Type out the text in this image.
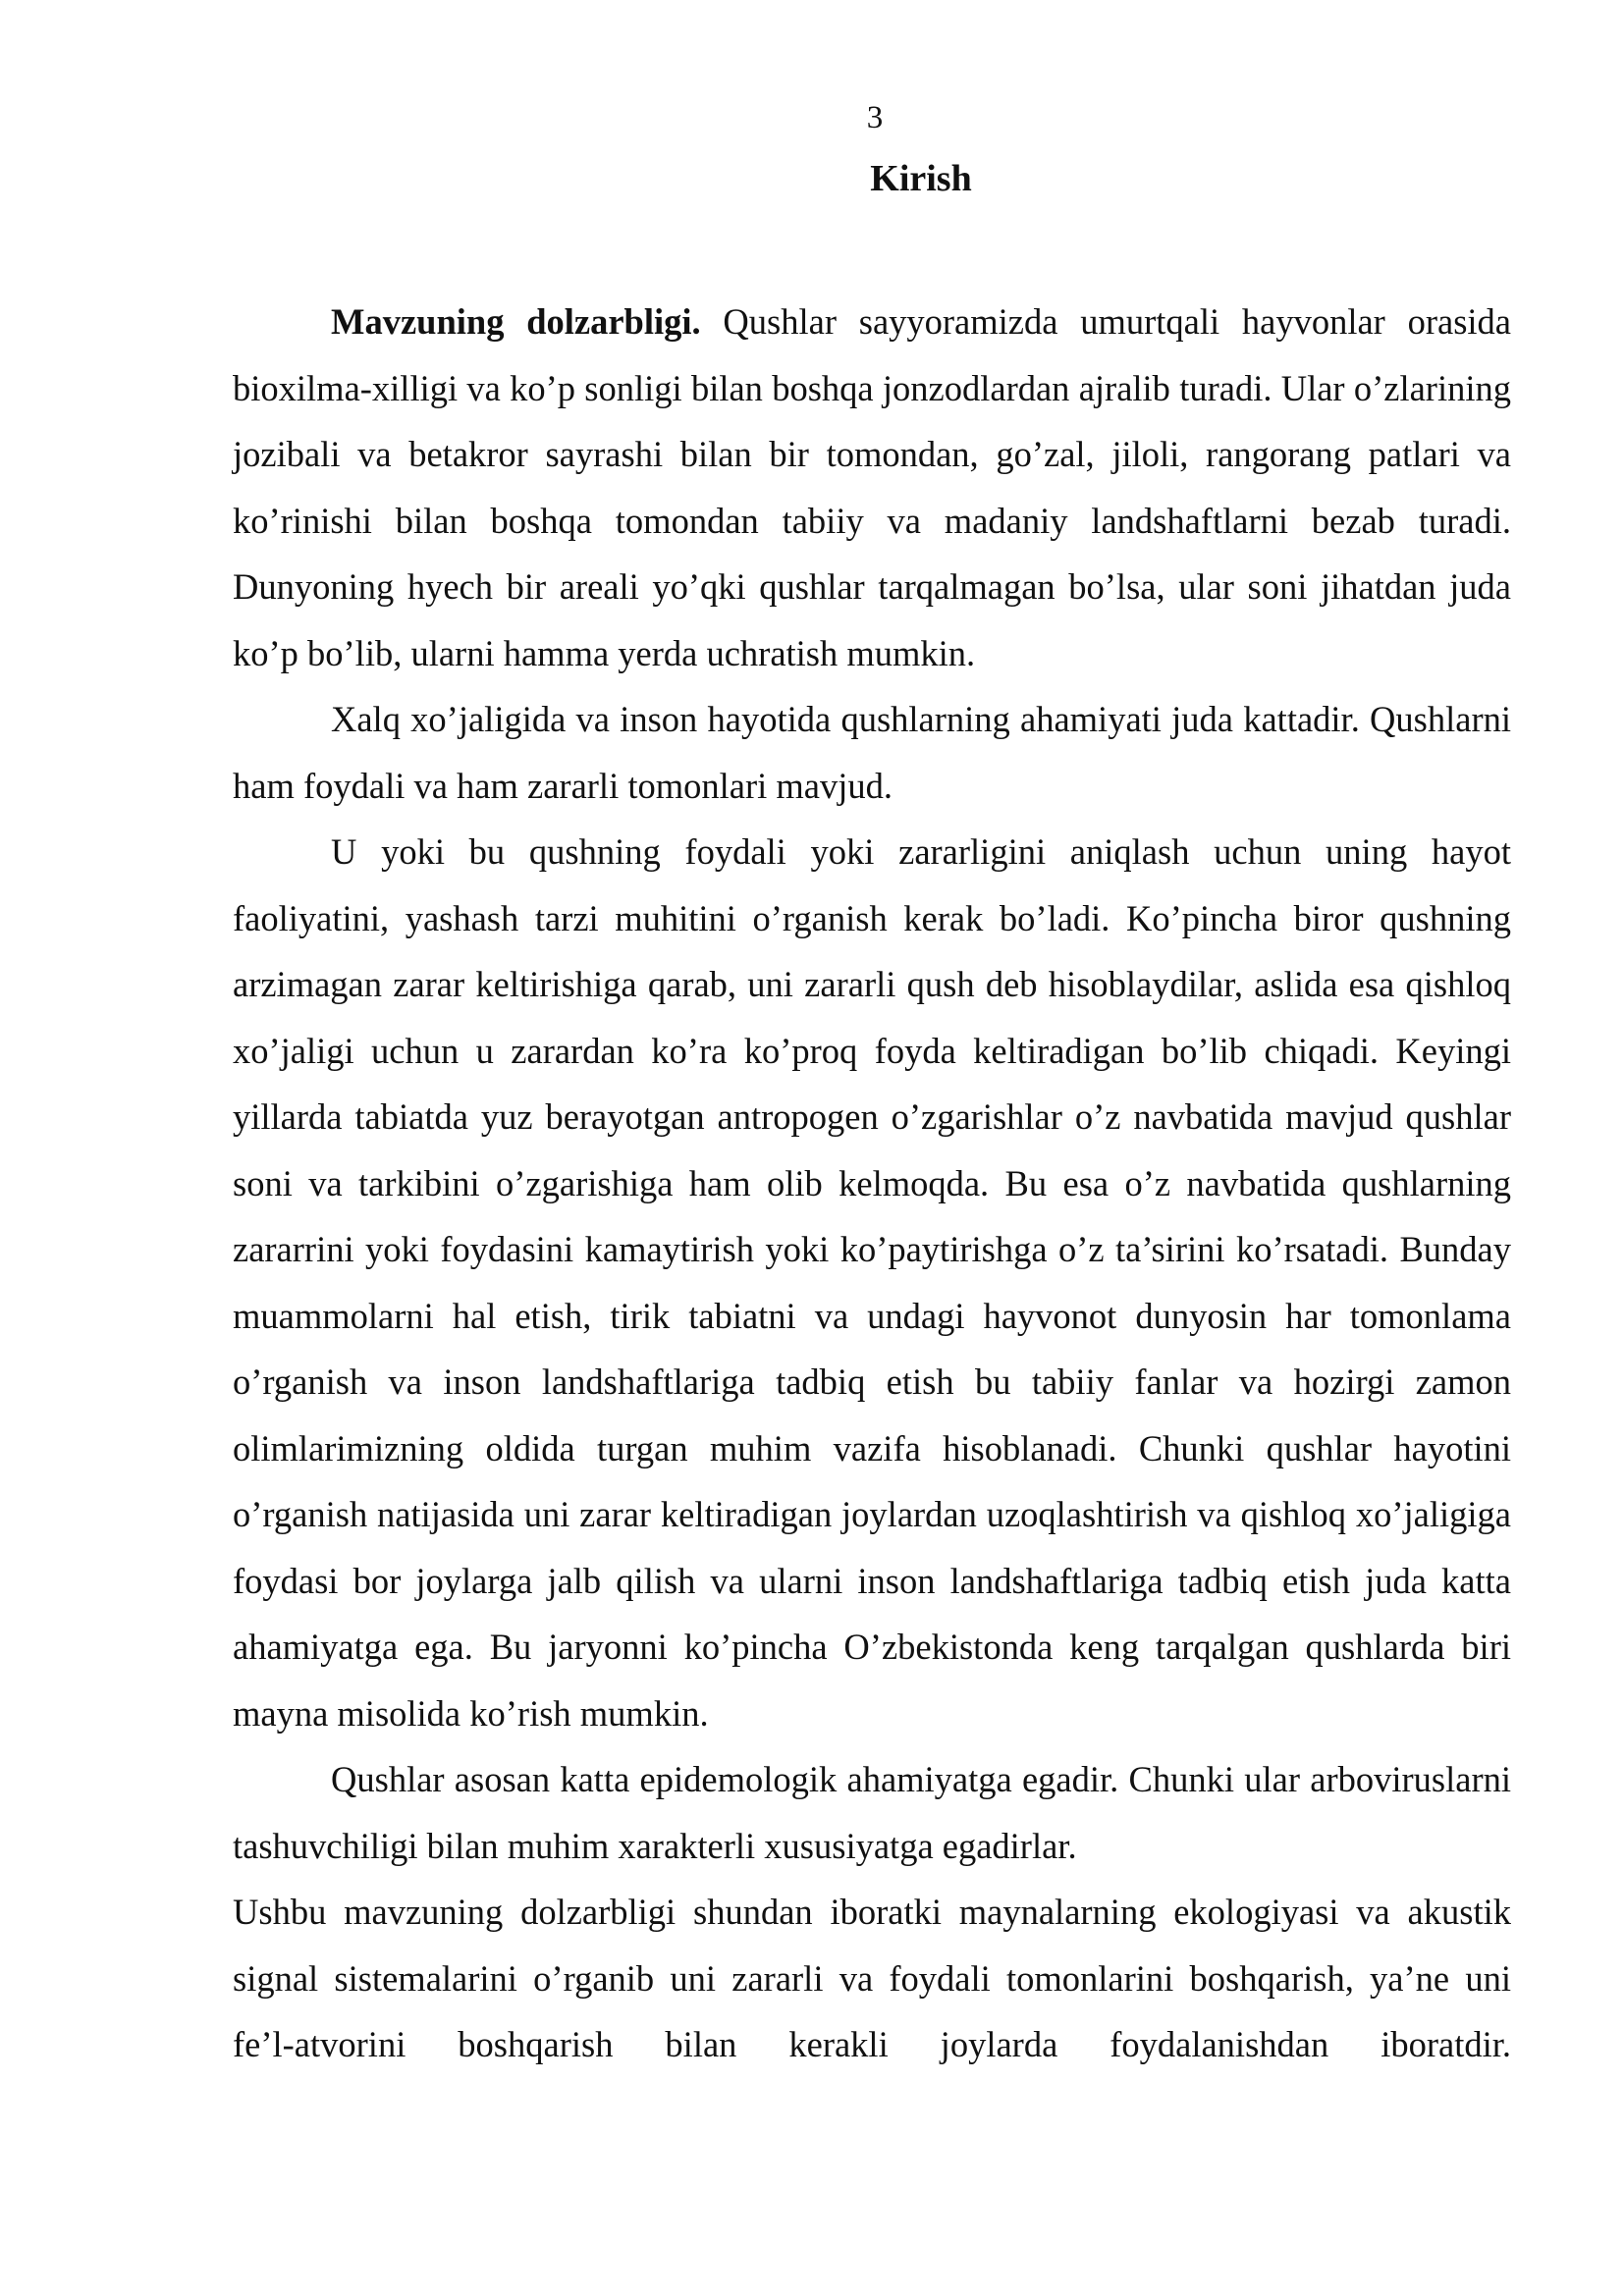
3

Kirish

Mavzuning dolzarbligi. Qushlar sayyoramizda umurtqali hayvonlar orasida bioxilma-xilligi va ko’p sonligi bilan boshqa jonzodlardan ajralib turadi. Ular o’zlarining jozibali va betakror sayrashi bilan bir tomondan, go’zal, jiloli, rangorang patlari va ko’rinishi bilan boshqa tomondan tabiiy va madaniy landshaftlarni bezab turadi. Dunyoning hyech bir areali yo’qki qushlar tarqalmagan bo’lsa, ular soni jihatdan juda ko’p bo’lib, ularni hamma yerda uchratish mumkin.

Xalq xo’jaligida va inson hayotida qushlarning ahamiyati juda kattadir. Qushlarni ham foydali va ham zararli tomonlari mavjud.

U yoki bu qushning foydali yoki zararligini aniqlash uchun uning hayot faoliyatini, yashash tarzi muhitini o’rganish kerak bo’ladi. Ko’pincha biror qushning arzimagan zarar keltirishiga qarab, uni zararli qush deb hisoblaydilar, aslida esa qishloq xo’jaligi uchun u zarardan ko’ra ko’proq foyda keltiradigan bo’lib chiqadi. Keyingi yillarda tabiatda yuz berayotgan antropogen o’zgarishlar o’z navbatida mavjud qushlar soni va tarkibini o’zgarishiga ham olib kelmoqda. Bu esa o’z navbatida qushlarning zararrini yoki foydasini kamaytirish yoki ko’paytirishga o’z ta’sirini ko’rsatadi. Bunday muammolarni hal etish, tirik tabiatni va undagi hayvonot dunyosin har tomonlama o’rganish va inson landshaftlariga tadbiq etish bu tabiiy fanlar va hozirgi zamon olimlarimizning oldida turgan muhim vazifa hisoblanadi. Chunki qushlar hayotini o’rganish natijasida uni zarar keltiradigan joylardan uzoqlashtirish va qishloq xo’jaligiga foydasi bor joylarga jalb qilish va ularni inson landshaftlariga tadbiq etish juda katta ahamiyatga ega. Bu jaryonni ko’pincha O’zbekistonda keng tarqalgan qushlarda biri mayna misolida ko’rish mumkin.

Qushlar asosan katta epidemologik ahamiyatga egadir. Chunki ular arboviruslarni tashuvchiligi bilan muhim xarakterli xususiyatga egadirlar.

Ushbu mavzuning dolzarbligi shundan iboratki maynalarning ekologiyasi va akustik signal sistemalarini o’rganib uni zararli va foydali tomonlarini boshqarish, ya’ne uni fe’l-atvorini boshqarish bilan kerakli joylarda foydalanishdan iboratdir.
